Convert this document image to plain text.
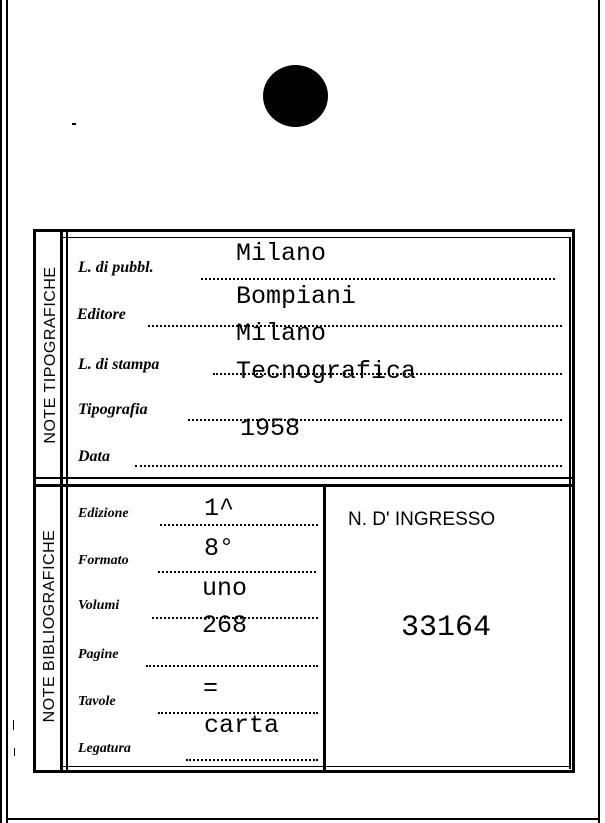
NOTE TIPOGRAFICHE
NOTE BIBLIOGRAFICHE
L. di pubbl.
Editore
L. di stampa
Tipografia
Data
Milano
Bompiani
Milano
Tecnografica
1958
Edizione
Formato
Volumi
Pagine
Tavole
Legatura
1^
8°
uno
268
=
carta
N. D' INGRESSO
33164
